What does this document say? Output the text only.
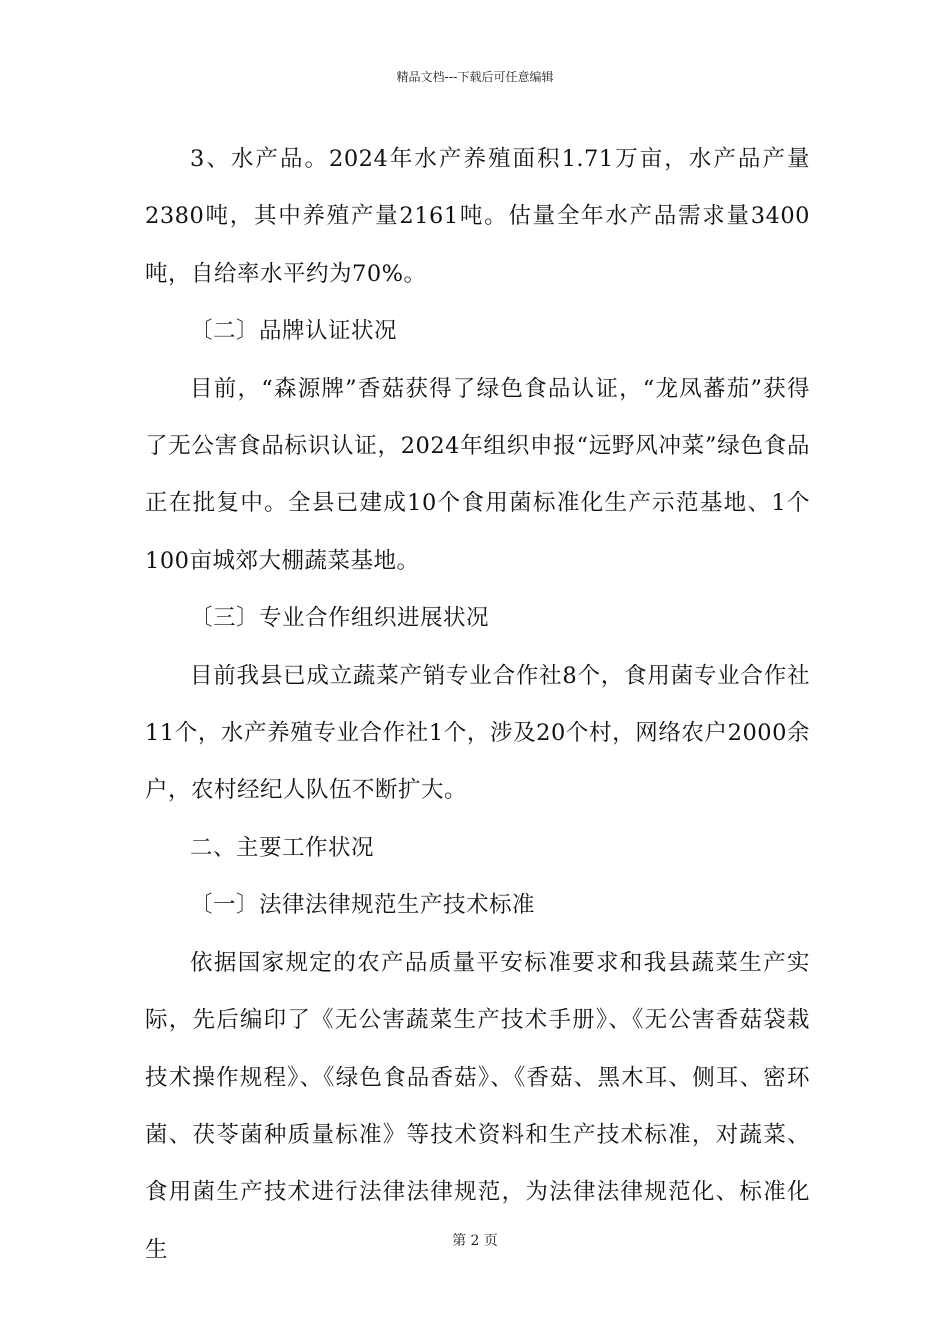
精品文档---下载后可任意编辑

3、水产品。2024年水产养殖面积1.71万亩，水产品产量2380吨，其中养殖产量2161吨。估量全年水产品需求量3400吨，自给率水平约为70%。

〔二〕品牌认证状况

目前，“森源牌”香菇获得了绿色食品认证，“龙凤蕃茄”获得了无公害食品标识认证，2024年组织申报“远野风冲菜”绿色食品正在批复中。全县已建成10个食用菌标准化生产示范基地、1个100亩城郊大棚蔬菜基地。

〔三〕专业合作组织进展状况

目前我县已成立蔬菜产销专业合作社8个，食用菌专业合作社11个，水产养殖专业合作社1个，涉及20个村，网络农户2000余户，农村经纪人队伍不断扩大。

二、主要工作状况

〔一〕法律法律规范生产技术标准

依据国家规定的农产品质量平安标准要求和我县蔬菜生产实际，先后编印了《无公害蔬菜生产技术手册》、《无公害香菇袋栽技术操作规程》、《绿色食品香菇》、《香菇、黑木耳、侧耳、密环菌、茯苓菌种质量标准》等技术资料和生产技术标准，对蔬菜、食用菌生产技术进行法律法律规范，为法律法律规范化、标准化生	第 2 页
